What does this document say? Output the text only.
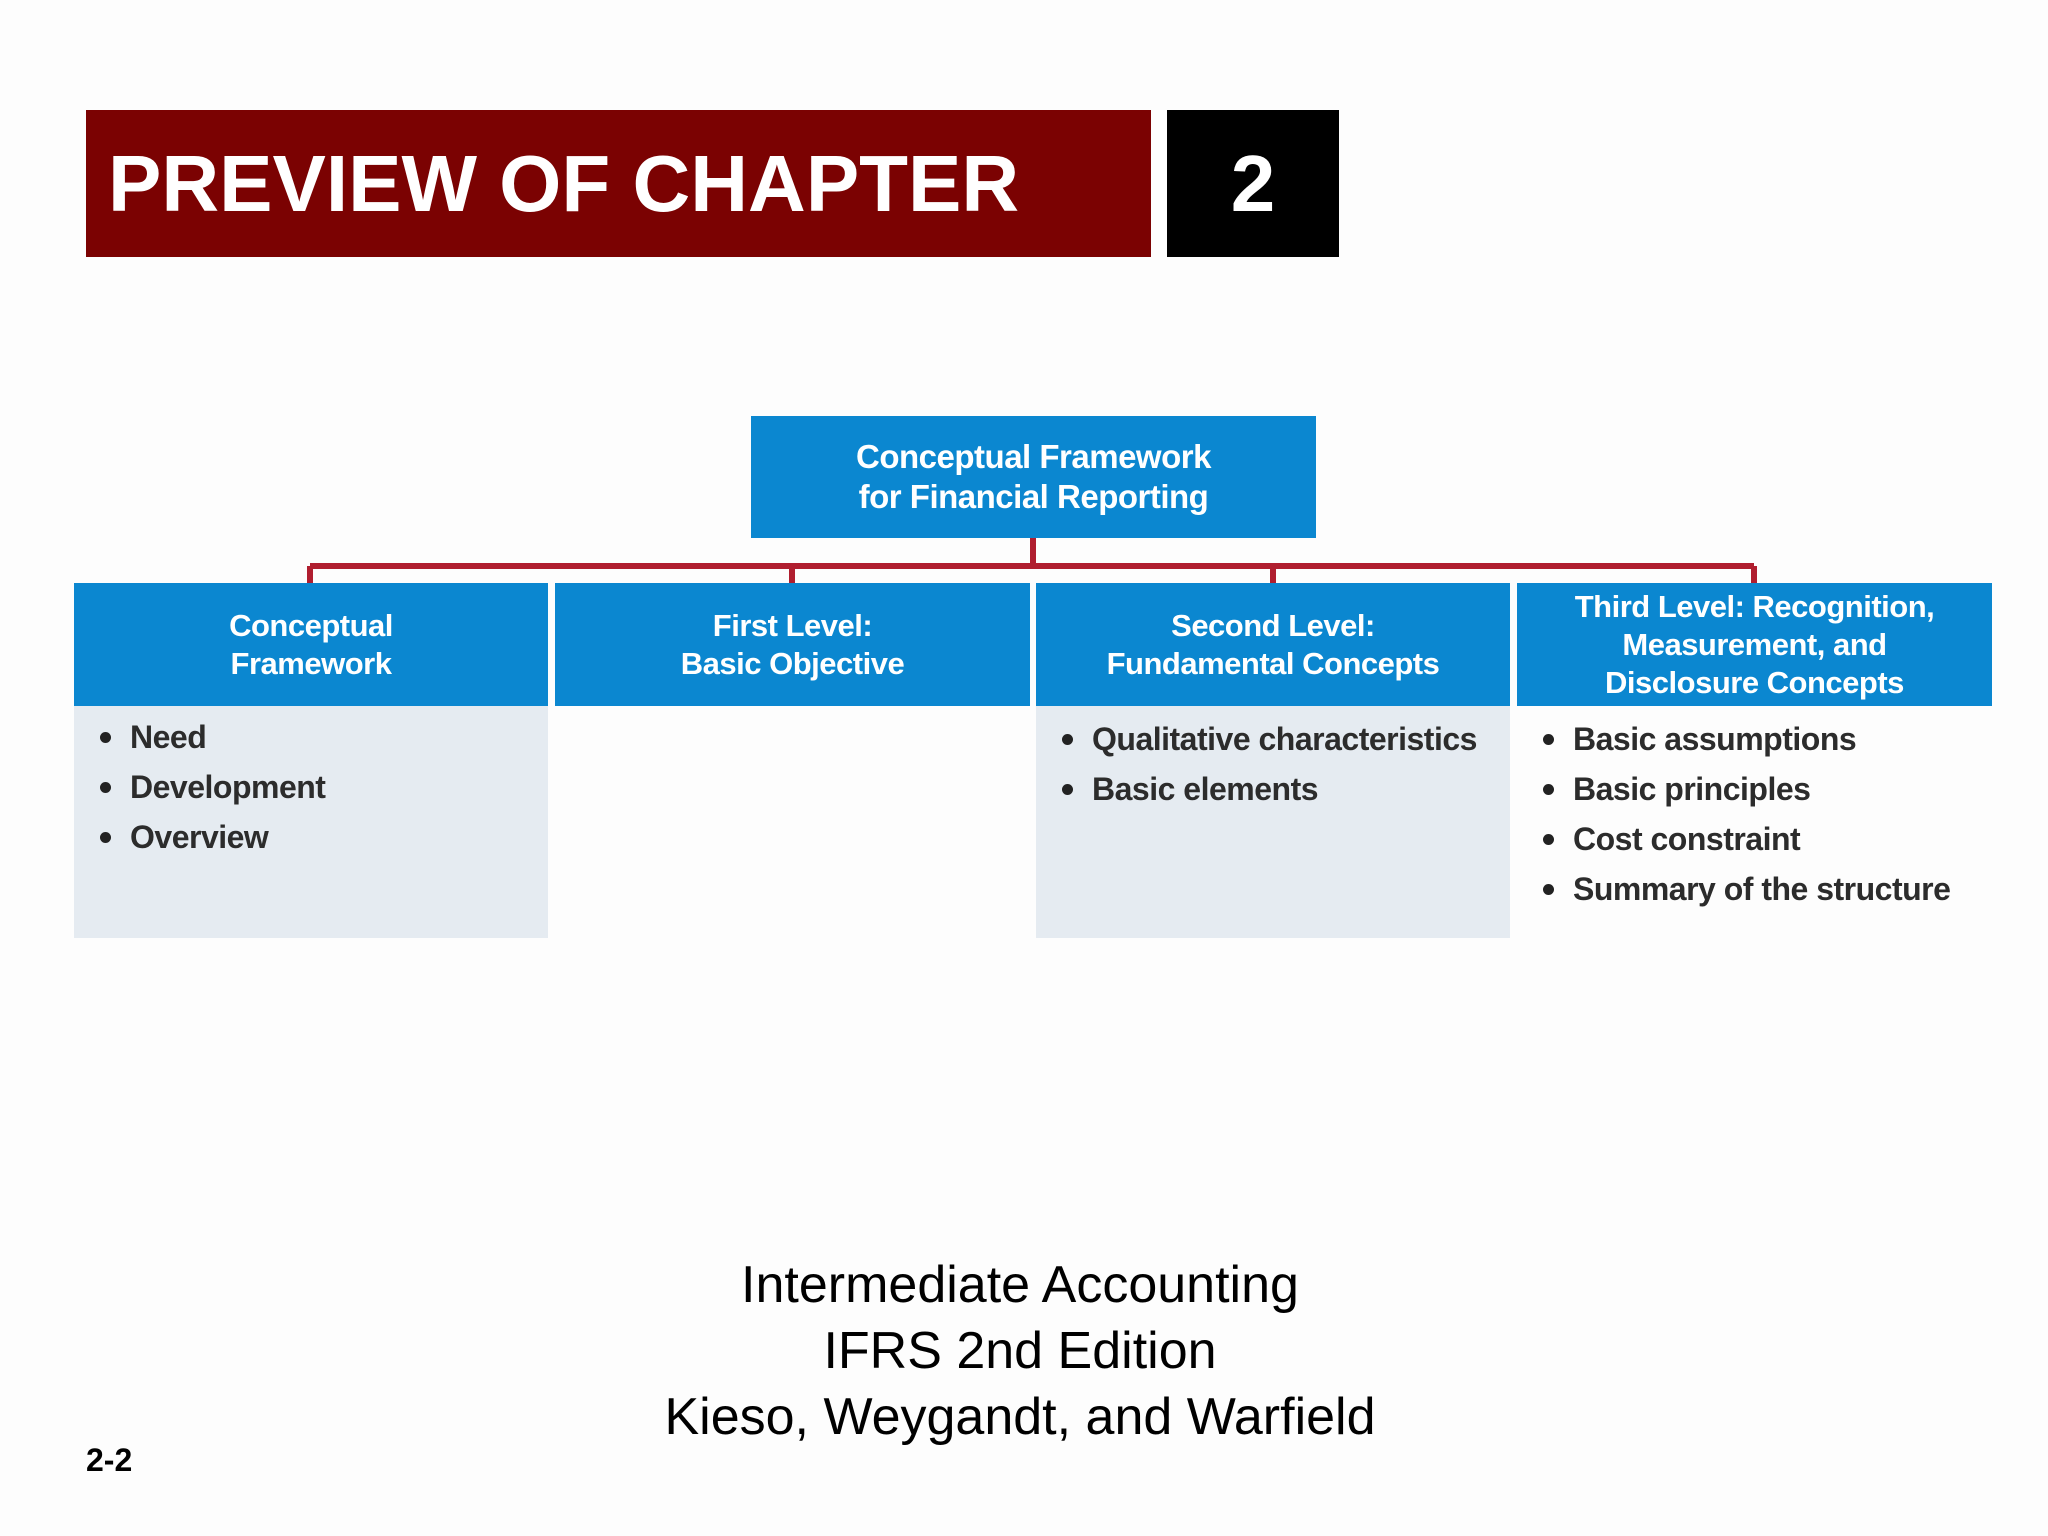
PREVIEW OF CHAPTER	2
Conceptual Framework
for Financial Reporting
Conceptual
Framework
Need
Development
Overview
First Level:
Basic Objective
Second Level:
Fundamental Concepts
Qualitative characteristics
Basic elements
Third Level: Recognition,
Measurement, and
Disclosure Concepts
Basic assumptions
Basic principles
Cost constraint
Summary of the structure
Intermediate Accounting
IFRS 2nd Edition
Kieso, Weygandt, and Warfield
2-2
